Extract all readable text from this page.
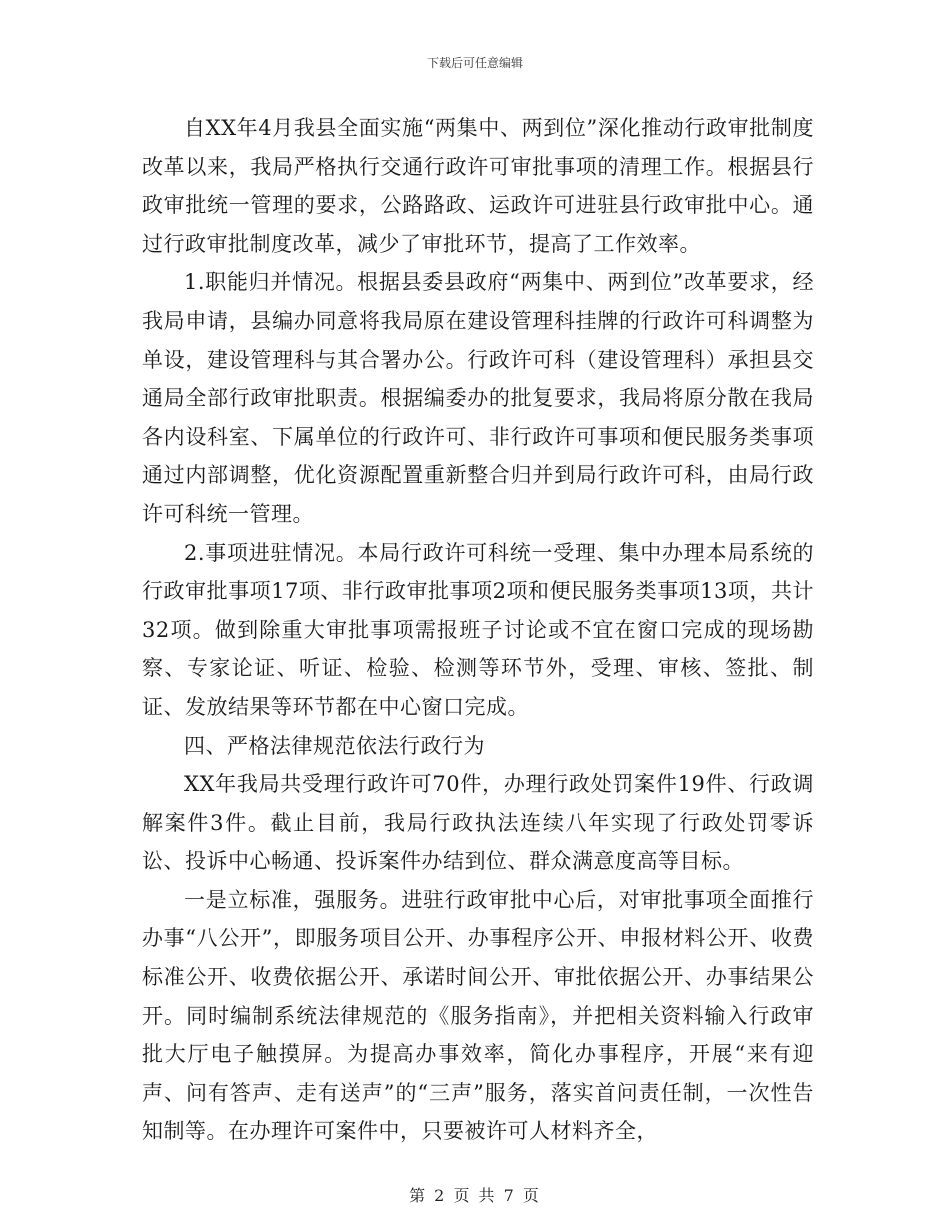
下载后可任意编辑

自XX年4月我县全面实施“两集中、两到位”深化推动行政审批制度改革以来，我局严格执行交通行政许可审批事项的清理工作。根据县行政审批统一管理的要求，公路路政、运政许可进驻县行政审批中心。通过行政审批制度改革，减少了审批环节，提高了工作效率。

1.职能归并情况。根据县委县政府“两集中、两到位”改革要求，经我局申请，县编办同意将我局原在建设管理科挂牌的行政许可科调整为单设，建设管理科与其合署办公。行政许可科（建设管理科）承担县交通局全部行政审批职责。根据编委办的批复要求，我局将原分散在我局各内设科室、下属单位的行政许可、非行政许可事项和便民服务类事项通过内部调整，优化资源配置重新整合归并到局行政许可科，由局行政许可科统一管理。

2.事项进驻情况。本局行政许可科统一受理、集中办理本局系统的行政审批事项17项、非行政审批事项2项和便民服务类事项13项，共计32项。做到除重大审批事项需报班子讨论或不宜在窗口完成的现场勘察、专家论证、听证、检验、检测等环节外，受理、审核、签批、制证、发放结果等环节都在中心窗口完成。

四、严格法律规范依法行政行为

XX年我局共受理行政许可70件，办理行政处罚案件19件、行政调解案件3件。截止目前，我局行政执法连续八年实现了行政处罚零诉讼、投诉中心畅通、投诉案件办结到位、群众满意度高等目标。

一是立标准，强服务。进驻行政审批中心后，对审批事项全面推行办事“八公开”，即服务项目公开、办事程序公开、申报材料公开、收费标准公开、收费依据公开、承诺时间公开、审批依据公开、办事结果公开。同时编制系统法律规范的《服务指南》，并把相关资料输入行政审批大厅电子触摸屏。为提高办事效率，简化办事程序，开展“来有迎声、问有答声、走有送声”的“三声”服务，落实首问责任制，一次性告知制等。在办理许可案件中，只要被许可人材料齐全，

第 2 页 共 7 页
